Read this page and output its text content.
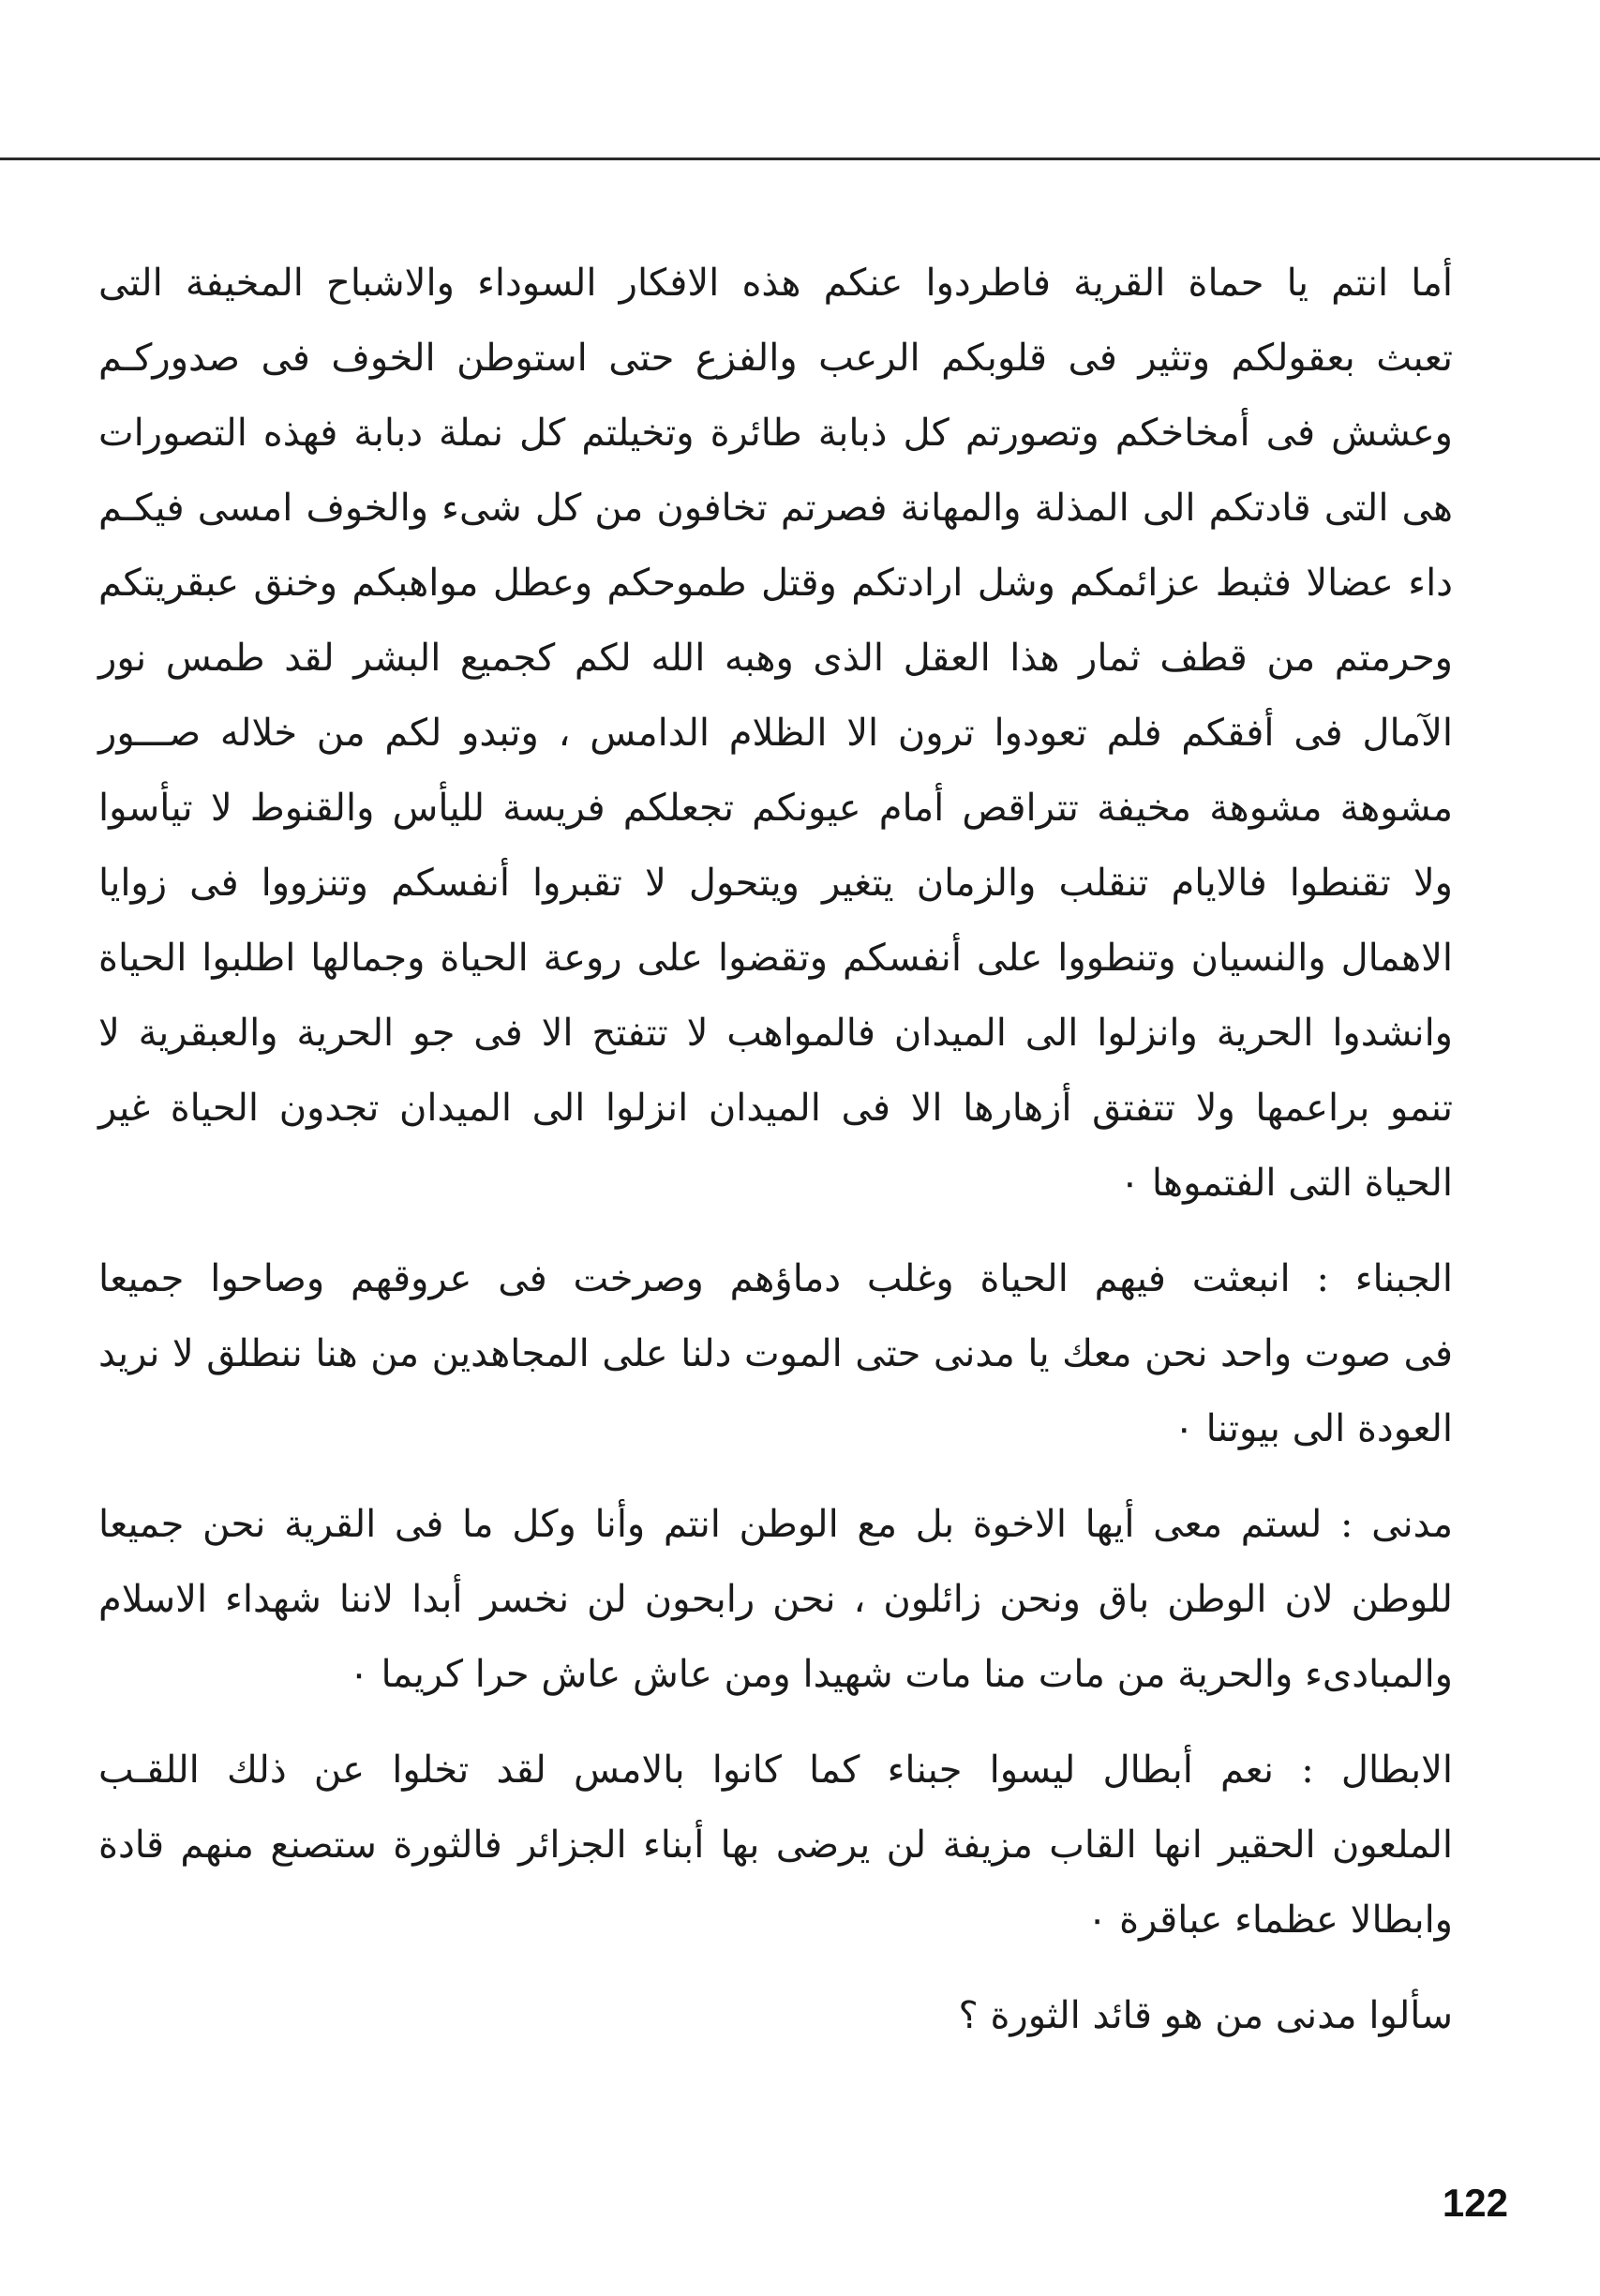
أما انتم يا حماة القرية فاطردوا عنكم هذه الافكار السوداء والاشباح المخيفة التى
تعبث بعقولكم وتثير فى قلوبكم الرعب والفزع حتى استوطن الخوف فى صدوركـم
وعشش فى أمخاخكم وتصورتم كل ذبابة طائرة وتخيلتم كل نملة دبابة فهذه التصورات
هى التى قادتكم الى المذلة والمهانة فصرتم تخافون من كل شىء والخوف امسى فيكـم
داء عضالا فثبط عزائمكم وشل ارادتكم وقتل طموحكم وعطل مواهبكم وخنق عبقريتكم
وحرمتم من قطف ثمار هذا العقل الذى وهبه الله لكم كجميع البشر لقد طمس نور
الآمال فى أفقكم فلم تعودوا ترون الا الظلام الدامس ، وتبدو لكم من خلاله صـــور
مشوهة مشوهة مخيفة تتراقص أمام عيونكم تجعلكم فريسة لليأس والقنوط لا تيأسوا
ولا تقنطوا فالايام تنقلب والزمان يتغير ويتحول لا تقبروا أنفسكم وتنزووا فى زوايا
الاهمال والنسيان وتنطووا على أنفسكم وتقضوا على روعة الحياة وجمالها اطلبوا الحياة
وانشدوا الحرية وانزلوا الى الميدان فالمواهب لا تتفتح الا فى جو الحرية والعبقرية لا
تنمو براعمها ولا تتفتق أزهارها الا فى الميدان انزلوا الى الميدان تجدون الحياة غير
الحياة التى الفتموها ٠

الجبناء : انبعثت فيهم الحياة وغلب دماؤهم وصرخت فى عروقهم وصاحوا جميعا
فى صوت واحد نحن معك يا مدنى حتى الموت دلنا على المجاهدين من هنا ننطلق لا نريد
العودة الى بيوتنا ٠

مدنى : لستم معى أيها الاخوة بل مع الوطن انتم وأنا وكل ما فى القرية نحن جميعا
للوطن لان الوطن باق ونحن زائلون ، نحن رابحون لن نخسر أبدا لاننا شهداء الاسلام
والمبادىء والحرية من مات منا مات شهيدا ومن عاش عاش حرا كريما ٠

الابطال : نعم أبطال ليسوا جبناء كما كانوا بالامس لقد تخلوا عن ذلك اللقـب
الملعون الحقير انها القاب مزيفة لن يرضى بها أبناء الجزائر فالثورة ستصنع منهم قادة
وابطالا عظماء عباقرة ٠

سألوا مدنى من هو قائد الثورة ؟

122
